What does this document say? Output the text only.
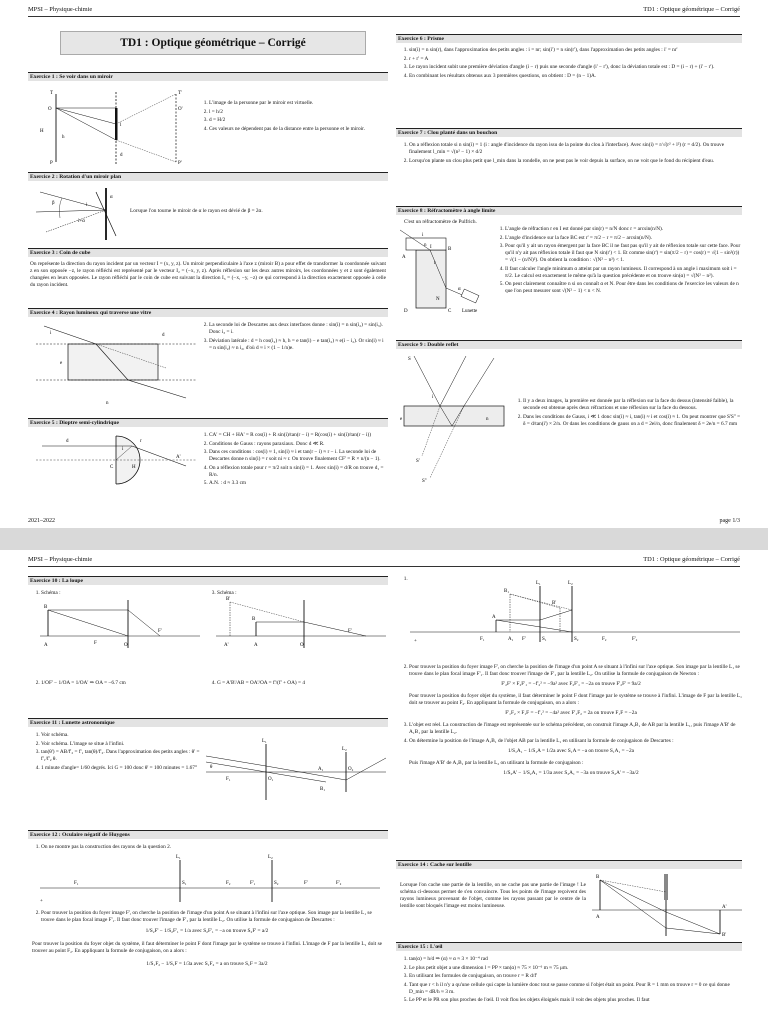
MPSI – Physique-chimie	TD1 : Optique géométrique – Corrigé
TD1 : Optique géométrique – Corrigé
Exercice 1 : Se voir dans un miroir
T	T'
O	O'
P	P'
H
h
d
l
1. L'image de la personne par le miroir est virtuelle.
2. l = h/2
3. d = H/2
4. Ces valeurs ne dépendent pas de la distance entre la personne et le miroir.
Exercice 2 : Rotation d'un miroir plan
β
α
i
i+α
Lorsque l'on tourne le miroir de α le rayon est dévié de β = 2α.
Exercice 3 : Coin de cube
On représente la direction du rayon incident par un vecteur I = (x, y, z). Un miroir perpendiculaire à l'axe z (miroir B) a pour effet de transformer la coordonnée suivant z en son opposée −z, le rayon réfléchi est représenté par le vecteur I₂ = (−x, y, z). Après réflexion sur les deux autres miroirs, les coordonnées y et z sont également changées en leurs opposées. Le rayon réfléchi par le coin de cube est suivant la direction I₃ = (−x, −y, −z) ce qui correspond à la direction exactement opposée à celle du rayon incident.
Exercice 4 : Rayon lumineux qui traverse une vitre
d
e
i
n
2. La seconde loi de Descartes aux deux interfaces donne : sin(i) = n sin(i₂) = sin(i₃). Donc i₃ = i.
3. Déviation latérale : d = h cos(i₂) ≈ h, h = e tan(i) − e tan(i₂) ≈ e(i − i₂). Or sin(i) ≈ i = n sin(i₂) ≈ n i₂, d'où d ≈ i × (1 − 1/n)e.
Exercice 5 : Dioptre semi-cylindrique
d
C	H
A'
r
i
1. CA' = CH + HA' = R cos(i) + R sin(i)/tan(r − i) = R(cos(i) + sin(i)/tan(r − i))
2. Conditions de Gauss : rayons paraxiaux. Donc d ≪ R.
3. Dans ces conditions : cos(i) ≈ 1, sin(i) ≈ i et tan(r − i) ≈ r − i. La seconde loi de Descartes donne n sin(i) = r soit ni ≈ r. On trouve finalement CF' = R × n/(n − 1).
4. On a réflexion totale pour r = π/2 soit n sin(i) = 1. Avec sin(i) = d/R on trouve d₁ = R/n.
5. A.N. : d ≈ 3.3 cm
Exercice 6 : Prisme
1. sin(i) = n sin(r), dans l'approximation des petits angles : i = nr; sin(i') = n sin(r'), dans l'approximation des petits angles : i' = nr'
2. r + r' = A
3. Le rayon incident subit une première déviation d'angle (i − r) puis une seconde d'angle (i' − r'), donc la déviation totale est : D = (i − r) + (i' − r').
4. En combinant les résultats obtenus aux 3 premières questions, on obtient : D = (n − 1)A.
Exercice 7 : Clou planté dans un bouchon
1. On a réflexion totale si n sin(i) = 1 (i : angle d'incidence du rayon issu de la pointe du clou à l'interface). Avec sin(i) = r/√(r² + l²) (r = d/2). On trouve finalement l_min = √(n² − 1) × d/2
2. Lorsqu'on plante un clou plus petit que l_min dans la rondelle, on ne peut pas le voir depuis la surface, on ne voit que le fond du récipient d'eau.
Exercice 8 : Réfractomètre à angle limite
C'est un réfractomètre de Pulfrich.
A
B
C
D
I
i
r
N
n
α
Lunette
1. L'angle de réfraction r en I est donné par sin(r) = n/N donc r = arcsin(n/N).
2. L'angle d'incidence sur la face BC est r' = π/2 − r = π/2 − arcsin(n/N).
3. Pour qu'il y ait un rayon émergent par la face BC il ne faut pas qu'il y ait de réflexion totale sur cette face. Pour qu'il n'y ait pas réflexion totale il faut que N sin(r') < 1. Et comme sin(r') = sin(π/2 − r) = cos(r) = √(1 − sin²(r)) = √(1 − (n/N)²). On obtient la condition : √(N² − n²) < 1.
4. Il faut calculer l'angle minimum α atteint par un rayon lumineux. Il correspond à un angle i maximum soit i = π/2. Le calcul est exactement le même qu'à la question précédente et on trouve sin(α) = √(N² − n²).
5. On peut clairement connaître n si on connaît α et N. Pour être dans les conditions de l'exercice les valeurs de n que l'on peut mesurer sont √(N² − 1) < n < N.
Exercice 9 : Double reflet
S
S'
S''
e
i
n
1. Il y a deux images, la première est donnée par la réflexion sur la face du dessus (intensité faible), la seconde est obtenue après deux réfractions et une réflexion sur la face du dessous.
2. Dans les conditions de Gauss, i ≪ 1 donc sin(i) ≈ i, tan(i) ≈ i et cos(i) ≈ 1. On peut montrer que S'S'' = δ = d/tan(i') × 2/n. Or dans les conditions de gauss on a d = 2ei/n, donc finalement δ = 2e/n = 6.7 mm
2021–2022	page 1/3
MPSI – Physique-chimie	TD1 : Optique géométrique – Corrigé
Exercice 10 : La loupe
1. Schéma :
B
A	F	O
F'
3. Schéma :
B'
A'
B
A	O
F'
2. 1/OF' − 1/OA = 1/OA' ⇒ OA = −6.7 cm
4.	G = A'B'/AB = OA'/OA = f'/(f' + OA) = 4
Exercice 11 : Lunette astronomique
1. Voir schéma.
2. Voir schéma. L'image se situe à l'infini.
3. tan(θ') = AB/f'₂ = f'₁ tan(θ)/f'₂. Dans l'approximation des petits angles : θ' = f'₁/f'₂ θ.
4. 1 minute d'angle= 1/60 degrés. Ici G = 100 donc θ' = 100 minutes = 1.67°
L₁
L₂
θ
F₁	O₁
A₁	O₂
B₁
Exercice 12 : Oculaire négatif de Huygens
1. On ne montre pas la construction des rayons de la question 2.
+
F₁
L₁
S₁	F₂	F'₁
L₂
S₂	F'	F'₂
2. Pour trouver la position du foyer image F', on cherche la position de l'image d'un point A se situant à l'infini sur l'axe optique. Son image par la lentille L₁ se trouve dans le plan focal image F'₁. Il faut donc trouver l'image de F'₁ par la lentille L₂. On utilise la formule de conjugaison de Descartes :
1/S₂F' − 1/S₂F'₁ = 1/a avec S₂F'₁ = −a on trouve S₂F' = a/2
Pour trouver la position du foyer objet du système, il faut déterminer le point F dont l'image par le système se trouve à l'infini. L'image de F par la lentille L₁ doit se trouver au point F₂. En appliquant la formule de conjugaison, on a alors :
1/S₁F₂ − 1/S₁F = 1/3a avec S₁F₂ = a on trouve S₁F = 3a/2
1.
L₁	L₂
B₁
B'
F₁	F'
A₁	S₁
A
F₂
S₂	F'₂
+
2. Pour trouver la position du foyer image F', on cherche la position de l'image d'un point A se situant à l'infini sur l'axe optique. Son image par la lentille L₁ se trouve dans le plan focal image F'₁. Il faut donc trouver l'image de F'₁ par la lentille L₂. On utilise la formule de conjugaison de Newton :
F'₂F' × F₂F'₁ = −f'₂² = −9a² avec F₂F'₁ = −2a on trouve F'₂F' = 9a/2
Pour trouver la position du foyer objet du système, il faut déterminer le point F dont l'image par le système se trouve à l'infini. L'image de F par la lentille L₁ doit se trouver au point F₂. En appliquant la formule de conjugaison, on a alors :
F'₁F₂ × F₁F = −f'₁² = −4a² avec F'₁F₂ = 2a on trouve F₁F = −2a
3. L'objet est réel. La construction de l'image est représentée sur le schéma précédent, on construit l'image A₁B₁ de AB par la lentille L₁, puis l'image A'B' de A₁B₁ par la lentille L₂.
4. On détermine la position de l'image A₁B₁ de l'objet AB par la lentille L₁ en utilisant la formule de conjugaison de Descartes :
1/S₁A₁ − 1/S₁A = 1/2a avec S₁A = −a on trouve S₁A₁ = −2a
Puis l'image A'B' de A₁B₁ par la lentille L₂ on utilisant la formule de conjugaison :
1/S₂A' − 1/S₂A₁ = 1/3a avec S₂A₁ = −3a on trouve S₂A' = −3a/2
Exercice 14 : Cache sur lentille
Lorsque l'on cache une partie de la lentille, on ne cache pas une partie de l'image ! Le schéma ci-dessous permet de s'en convaincre. Tous les points de l'image reçoivent des rayons lumineux provenant de l'objet, comme les rayons passant par le centre de la lentille sont bloqués l'image est moins lumineuse.
B
A
A'
B'
Exercice 15 : L'œil
1. tan(α) = h/d ⇒ (α) ≈ α ≈ 3 × 10⁻⁴ rad
2. Le plus petit objet a une dimension l = PP × tan(α) ≈ 75 × 10⁻⁶ m ≈ 75 μm.
3. En utilisant les formules de conjugaison, on trouve r = R d/f'
4. Tant que r < h il n'y a qu'une cellule qui capte la lumière donc tout se passe comme si l'objet était un point. Pour R = 1 mm on trouve r = 0 ce qui donne D_min = dR/h ≈ 3 m.
5. Le PP et le PR son plus proches de l'œil. Il voit flou les objets éloignés mais il voit des objets plus proches. Il faut
